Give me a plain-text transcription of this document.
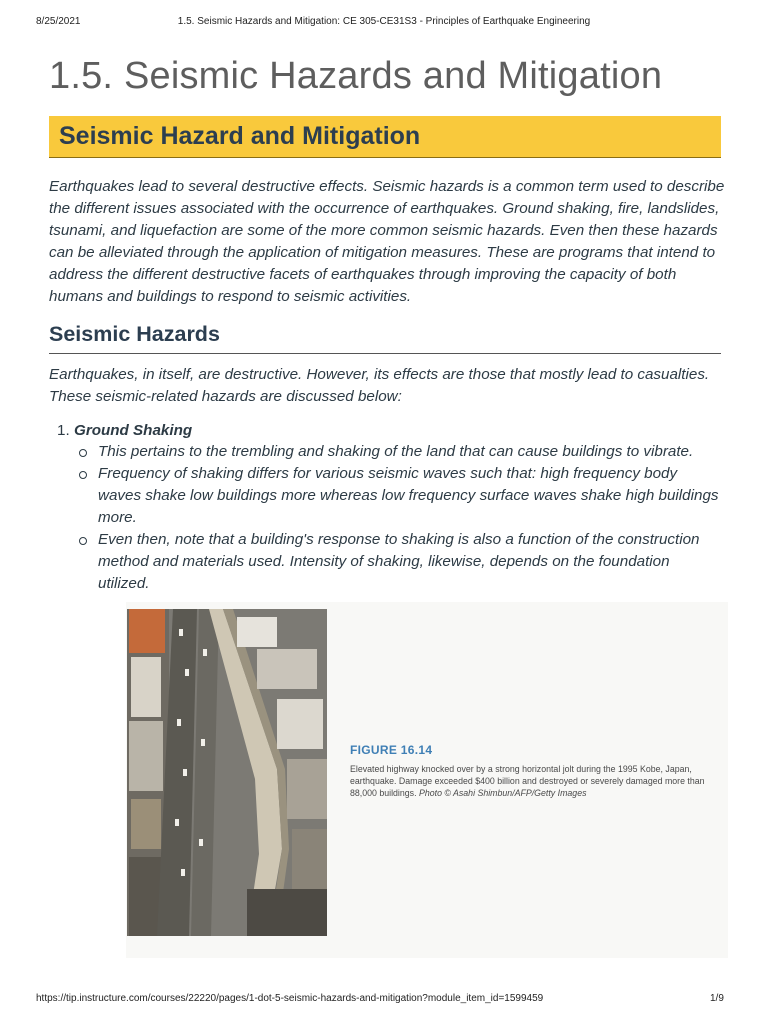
8/25/2021	1.5. Seismic Hazards and Mitigation: CE 305-CE31S3 - Principles of Earthquake Engineering
1.5. Seismic Hazards and Mitigation
Seismic Hazard and Mitigation

Earthquakes lead to several destructive effects. Seismic hazards is a common term used to describe the different issues associated with the occurrence of earthquakes. Ground shaking, fire, landslides, tsunami, and liquefaction are some of the more common seismic hazards. Even then these hazards can be alleviated through the application of mitigation measures. These are programs that intend to address the different destructive facets of earthquakes through improving the capacity of both humans and buildings to respond to seismic activities.

Seismic Hazards

Earthquakes, in itself, are destructive. However, its effects are those that mostly lead to casualties. These seismic-related hazards are discussed below:

1. Ground Shaking
This pertains to the trembling and shaking of the land that can cause buildings to vibrate.
Frequency of shaking differs for various seismic waves such that: high frequency body waves shake low buildings more whereas low frequency surface waves shake high buildings more.
Even then, note that a building's response to shaking is also a function of the construction method and materials used. Intensity of shaking, likewise, depends on the foundation utilized.
FIGURE 16.14

Elevated highway knocked over by a strong horizontal jolt during the 1995 Kobe, Japan, earthquake. Damage exceeded $400 billion and destroyed or severely damaged more than 88,000 buildings. Photo © Asahi Shimbun/AFP/Getty Images

https://tip.instructure.com/courses/22220/pages/1-dot-5-seismic-hazards-and-mitigation?module_item_id=1599459	1/9
